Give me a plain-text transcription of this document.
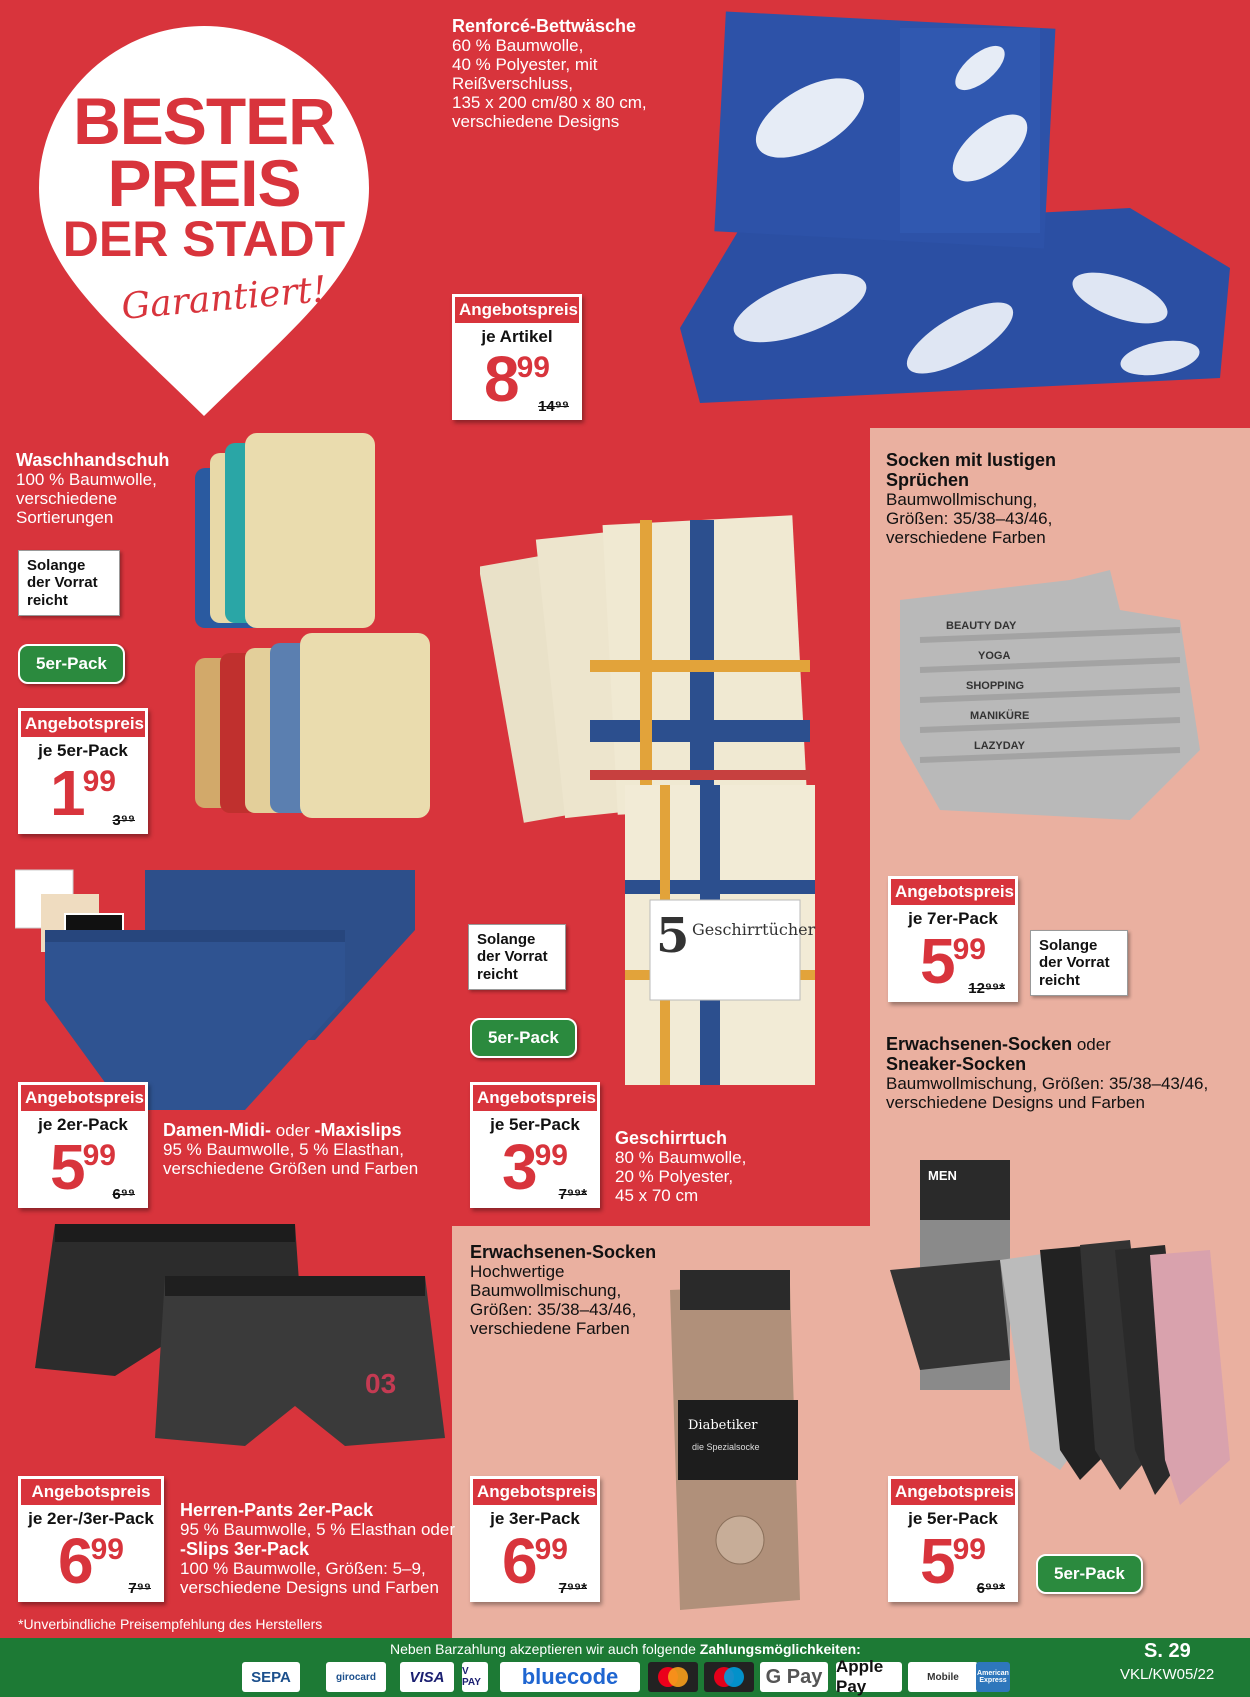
BESTER
PREIS
DER STADT
Garantiert!
Renforcé-Bettwäsche
60 % Baumwolle,
40 % Polyester, mit
Reißverschluss,
135 x 200 cm/80 x 80 cm,
verschiedene Designs
Angebotspreis
je Artikel
899
14⁹⁹
Waschhandschuh
100 % Baumwolle,
verschiedene
Sortierungen
Solange der Vorrat reicht
5er-Pack
Angebotspreis
je 5er-Pack
199
3⁹⁹
5 Geschirrtücher
Solange der Vorrat reicht
5er-Pack
Socken mit lustigen Sprüchen
Baumwollmischung,
Größen: 35/38–43/46,
verschiedene Farben
BEAUTY DAY
YOGA
SHOPPING
MANIKÜRE
LAZYDAY
Angebotspreis
je 7er-Pack
599
12⁹⁹*
Solange der Vorrat reicht
Angebotspreis
je 2er-Pack
599
6⁹⁹
Damen-Midi- oder -Maxislips
95 % Baumwolle, 5 % Elasthan,
verschiedene Größen und Farben
Angebotspreis
je 5er-Pack
399
7⁹⁹*
Geschirrtuch
80 % Baumwolle,
20 % Polyester,
45 x 70 cm
Erwachsenen-Socken oder
Sneaker-Socken
Baumwollmischung, Größen: 35/38–43/46,
verschiedene Designs und Farben
MEN
Erwachsenen-Socken
Hochwertige
Baumwollmischung,
Größen: 35/38–43/46,
verschiedene Farben
Diabetiker
die Spezialsocke
Angebotspreis
je 3er-Pack
699
7⁹⁹*
Angebotspreis
je 5er-Pack
599
6⁹⁹*
5er-Pack
03
Angebotspreis
je 2er-/3er-Pack
699
7⁹⁹
Herren-Pants 2er-Pack
95 % Baumwolle, 5 % Elasthan oder
-Slips 3er-Pack
100 % Baumwolle, Größen: 5–9,
verschiedene Designs und Farben
*Unverbindliche Preisempfehlung des Herstellers
Neben Barzahlung akzeptieren wir auch folgende Zahlungsmöglichkeiten:
SEPA	girocard	VISA	V PAY	bluecode	G Pay Apple Pay	Mobile	American Express
S. 29
VKL/KW05/22
